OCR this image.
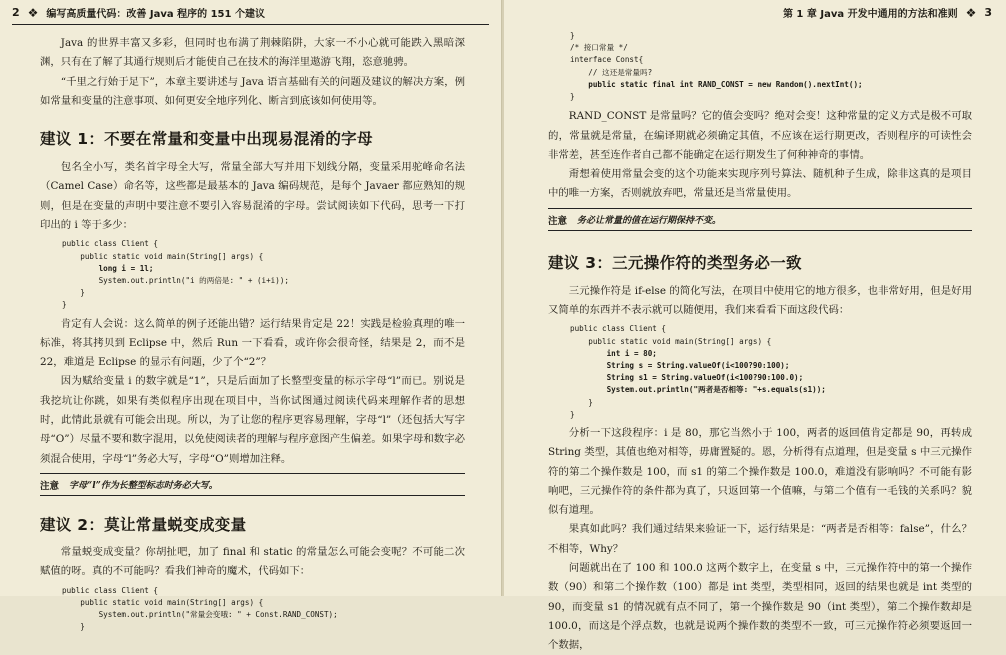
2 ❖ 编写高质量代码：改善 Java 程序的 151 个建议

Java 的世界丰富又多彩，但同时也布满了荆棘陷阱，大家一不小心就可能跌入黑暗深渊，只有在了解了其通行规则后才能使自己在技术的海洋里遨游飞翔，恣意驰骋。

“千里之行始于足下”，本章主要讲述与 Java 语言基础有关的问题及建议的解决方案，例如常量和变量的注意事项、如何更安全地序列化、断言到底该如何使用等。

建议 1：不要在常量和变量中出现易混淆的字母

包名全小写，类名首字母全大写，常量全部大写并用下划线分隔，变量采用驼峰命名法（Camel Case）命名等，这些都是最基本的 Java 编码规范，是每个 Javaer 都应熟知的规则，但是在变量的声明中要注意不要引入容易混淆的字母。尝试阅读如下代码，思考一下打印出的 i 等于多少：

public class Client {
public static void main(String[] args) {
long i = 1l;
System.out.println("i 的两倍是: " + (i+i));
}
}

肯定有人会说：这么简单的例子还能出错？运行结果肯定是 22！实践是检验真理的唯一标准，将其拷贝到 Eclipse 中，然后 Run 一下看看，或许你会很奇怪，结果是 2，而不是 22，难道是 Eclipse 的显示有问题，少了个“2”？

因为赋给变量 i 的数字就是“1”，只是后面加了长整型变量的标示字母“l”而已。别说是我挖坑让你跳，如果有类似程序出现在项目中，当你试图通过阅读代码来理解作者的思想时，此情此景就有可能会出现。所以，为了让您的程序更容易理解，字母“l”（还包括大写字母“O”）尽量不要和数字混用，以免使阅读者的理解与程序意图产生偏差。如果字母和数字必须混合使用，字母“l”务必大写，字母“O”则增加注释。

注意 字母“l”作为长整型标志时务必大写。
建议 2：莫让常量蜕变成变量

常量蜕变成变量？你胡扯吧，加了 final 和 static 的常量怎么可能会变呢？不可能二次赋值的呀。真的不可能吗？看我们神奇的魔术，代码如下：

public class Client {
public static void main(String[] args) {
System.out.println("常量会变哦: " + Const.RAND_CONST);
}
第 1 章 Java 开发中通用的方法和准则 ❖ 3
}
/* 接口常量 */
interface Const{
// 这还是常量吗?
public static final int RAND_CONST = new Random().nextInt();
}

RAND_CONST 是常量吗？它的值会变吗？绝对会变！这种常量的定义方式是极不可取的，常量就是常量，在编译期就必须确定其值，不应该在运行期更改，否则程序的可读性会非常差，甚至连作者自己都不能确定在运行期发生了何种神奇的事情。

甭想着使用常量会变的这个功能来实现序列号算法、随机种子生成，除非这真的是项目中的唯一方案，否则就放弃吧，常量还是当常量使用。

注意 务必让常量的值在运行期保持不变。
建议 3：三元操作符的类型务必一致

三元操作符是 if-else 的简化写法，在项目中使用它的地方很多，也非常好用，但是好用又简单的东西并不表示就可以随便用，我们来看看下面这段代码：

public class Client {
public static void main(String[] args) {
int i = 80;
String s = String.valueOf(i<100?90:100);
String s1 = String.valueOf(i<100?90:100.0);
System.out.println("两者是否相等: "+s.equals(s1));
}
}

分析一下这段程序：i 是 80，那它当然小于 100，两者的返回值肯定都是 90，再转成 String 类型，其值也绝对相等，毋庸置疑的。恩，分析得有点道理，但是变量 s 中三元操作符的第二个操作数是 100，而 s1 的第二个操作数是 100.0，难道没有影响吗？不可能有影响吧，三元操作符的条件都为真了，只返回第一个值嘛，与第二个值有一毛钱的关系吗？貌似有道理。

果真如此吗？我们通过结果来验证一下，运行结果是：“两者是否相等：false”，什么？不相等，Why？

问题就出在了 100 和 100.0 这两个数字上，在变量 s 中，三元操作符中的第一个操作数（90）和第二个操作数（100）都是 int 类型，类型相同，返回的结果也就是 int 类型的 90，而变量 s1 的情况就有点不同了，第一个操作数是 90（int 类型），第二个操作数却是 100.0，而这是个浮点数，也就是说两个操作数的类型不一致，可三元操作符必须要返回一个数据，
